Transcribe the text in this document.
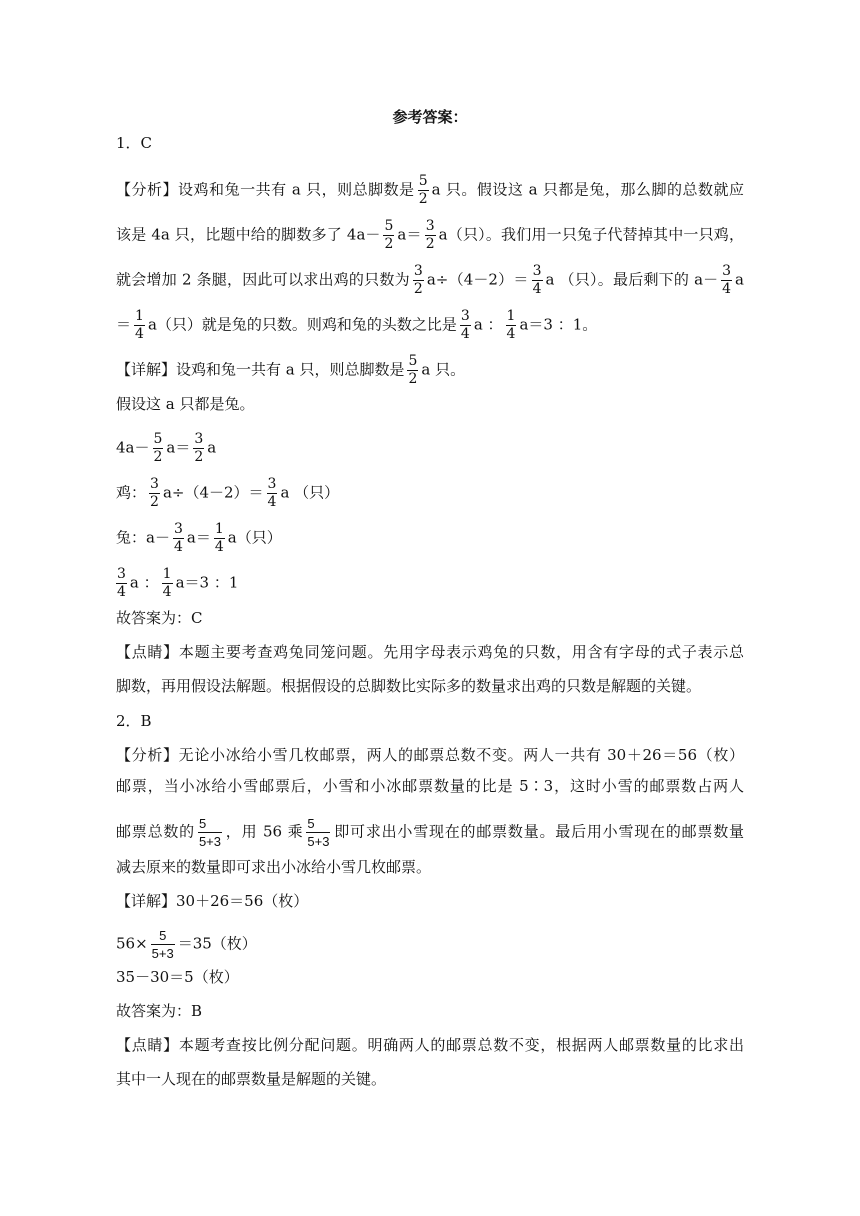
参考答案：
1．C
【分析】设鸡和兔一共有 a 只，则总脚数是 $\frac{5}{2}$ a 只。假设这 a 只都是兔，那么脚的总数就应
该是 4a 只，比题中给的脚数多了 $4a- \frac{5}{2} a= \frac{3}{2} a$（只）。我们用一只兔子代替掉其中一只鸡，
就会增加 2 条腿，因此可以求出鸡的只数为 $\frac{3}{2} a\div(4-2)= \frac{3}{4}$ a （只）。最后剩下的 $a- \frac{3}{4}$ a
＝ $\frac{1}{4} a$（只）就是兔的只数。则鸡和兔的头数之比是 $\frac{3}{4}$ a ： $\frac{1}{4} a=3$ ：1。
【详解】设鸡和兔一共有 a 只，则总脚数是 $\frac{5}{2}$ a 只。
假设这 a 只都是兔。
$4a- \frac{5}{2} a= \frac{3}{2}$ a
鸡： $\frac{3}{2} a\div(4-2)= \frac{3}{4}$ a （只）
兔：$a- \frac{3}{4} a= \frac{1}{4} a$（只）
$\frac{3}{4}$ a ： $\frac{1}{4} a=3$ ：1
故答案为：C
【点睛】本题主要考查鸡兔同笼问题。先用字母表示鸡兔的只数，用含有字母的式子表示总
脚数，再用假设法解题。根据假设的总脚数比实际多的数量求出鸡的只数是解题的关键。
2．B
【分析】无论小冰给小雪几枚邮票，两人的邮票总数不变。两人一共有 30＋26＝56（枚）
邮票，当小冰给小雪邮票后，小雪和小冰邮票数量的比是 5∶3，这时小雪的邮票数占两人
邮票总数的 $\frac{5}{5+3}$ ，用 56 乘 $\frac{5}{5+3}$ 即可求出小雪现在的邮票数量。最后用小雪现在的邮票数量
减去原来的数量即可求出小冰给小雪几枚邮票。
【详解】30＋26＝56（枚）
$56\times \frac{5}{5+3} =35$（枚）
35－30＝5（枚）
故答案为：B
【点睛】本题考查按比例分配问题。明确两人的邮票总数不变，根据两人邮票数量的比求出
其中一人现在的邮票数量是解题的关键。
